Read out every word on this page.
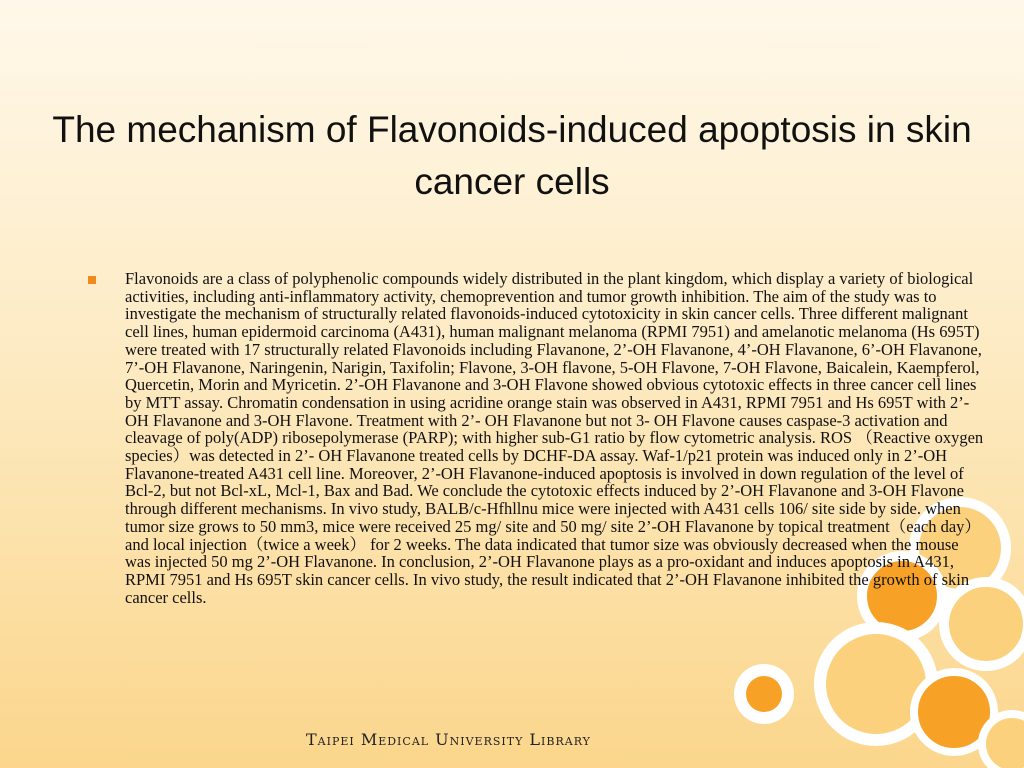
The mechanism of Flavonoids-induced apoptosis in skin cancer cells
Flavonoids are a class of polyphenolic compounds widely distributed in the plant kingdom, which display a variety of biological activities, including anti-inflammatory activity, chemoprevention and tumor growth inhibition. The aim of the study was to investigate the mechanism of structurally related flavonoids-induced cytotoxicity in skin cancer cells. Three different malignant cell lines, human epidermoid carcinoma (A431), human malignant melanoma (RPMI 7951) and amelanotic melanoma (Hs 695T) were treated with 17 structurally related Flavonoids including Flavanone, 2’-OH Flavanone, 4’-OH Flavanone, 6’-OH Flavanone, 7’-OH Flavanone, Naringenin, Narigin, Taxifolin; Flavone, 3-OH flavone, 5-OH Flavone, 7-OH Flavone, Baicalein, Kaempferol, Quercetin, Morin and Myricetin. 2’-OH Flavanone and 3-OH Flavone showed obvious cytotoxic effects in three cancer cell lines by MTT assay. Chromatin condensation in using acridine orange stain was observed in A431, RPMI 7951 and Hs 695T with 2’-OH Flavanone and 3-OH Flavone. Treatment with 2’- OH Flavanone but not 3- OH Flavone causes caspase-3 activation and cleavage of poly(ADP) ribosepolymerase (PARP); with higher sub-G1 ratio by flow cytometric analysis. ROS （Reactive oxygen species）was detected in 2’- OH Flavanone treated cells by DCHF-DA assay. Waf-1/p21 protein was induced only in 2’-OH Flavanone-treated A431 cell line. Moreover, 2’-OH Flavanone-induced apoptosis is involved in down regulation of the level of Bcl-2, but not Bcl-xL, Mcl-1, Bax and Bad. We conclude the cytotoxic effects induced by 2’-OH Flavanone and 3-OH Flavone through different mechanisms. In vivo study, BALB/c-Hfhllnu mice were injected with A431 cells 106/ site side by side. when tumor size grows to 50 mm3, mice were received 25 mg/ site and 50 mg/ site 2’-OH Flavanone by topical treatment（each day） and local injection（twice a week） for 2 weeks. The data indicated that tumor size was obviously decreased when the mouse was injected 50 mg 2’-OH Flavanone. In conclusion, 2’-OH Flavanone plays as a pro-oxidant and induces apoptosis in A431, RPMI 7951 and Hs 695T skin cancer cells. In vivo study, the result indicated that 2’-OH Flavanone inhibited the growth of skin cancer cells.
Taipei Medical University Library
